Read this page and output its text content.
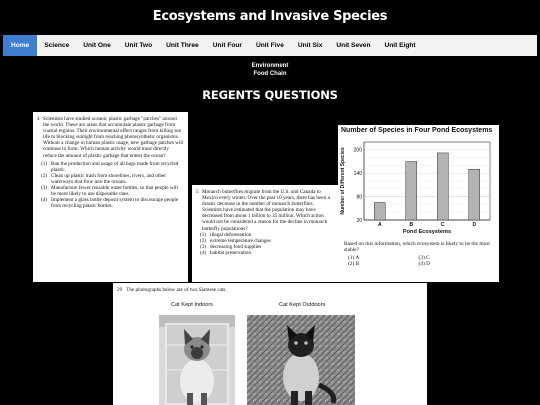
Ecosystems and Invasive Species
Home	Science	Unit One	Unit Two	Unit Three	Unit Four	Unit Five	Unit Six	Unit Seven	Unit Eight
Environment
Food Chain
REGENTS QUESTIONS
4 Scientists have studied oceanic plastic garbage "patches" around the world. These are areas that accumulate plastic garbage from coastal regions. Their environmental effect ranges from killing sea life to blocking sunlight from reaching photosynthetic organisms. Without a change in human plastic usage, new garbage patches will continue to form. Which human activity would most directly reduce the amount of plastic garbage that enters the ocean?
(1) Ban the production and usage of all bags made from recycled plastic.
(2) Clean up plastic trash from shorelines, rivers, and other waterways that flow into the oceans.
(3) Manufacture fewer reusable water bottles, so that people will be more likely to use disposable ones.
(4) Implement a glass bottle deposit system to discourage people from recycling plastic bottles.
5 Monarch butterflies migrate from the U.S. and Canada to Mexico every winter. Over the past 10 years, there has been a drastic decrease in the number of monarch butterflies. Scientists have estimated that the population may have decreased from about 1 billion to 35 million. Which action would not be considered a reason for the decline in monarch butterfly populations?
(1) illegal deforestation
(2) extreme temperature changes
(3) decreasing food supplies
(4) habitat preservation
Number of Species in Four Pond Ecosystems
Number of Different Species
20
80
140
200
A	B	C	D
Pond Ecosystems
Based on this information, which ecosystem is likely to be the most stable?
(1) A	(3) C
(2) B	(4) D
29 The photographs below are of two Siamese cats.
Cat Kept Indoors	Cat Kept Outdoors
